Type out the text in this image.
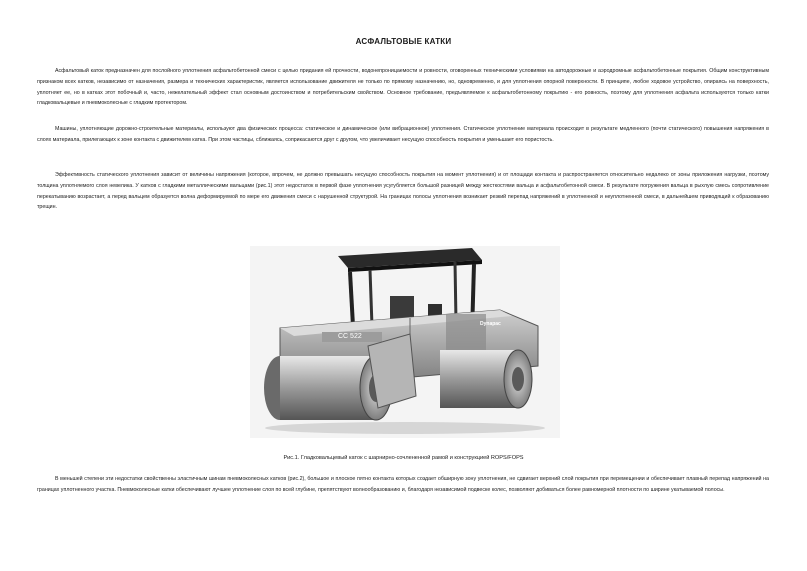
АСФАЛЬТОВЫЕ КАТКИ

Асфальтовый каток предназначен для послойного уплотнения асфальтобетонной смеси с целью придания ей прочности, водонепроницаемости и ровности, оговоренных техническими условиями на автодорожные и аэродромные асфальтобетонные покрытия. Общим конструктивным признаком всех катков, независимо от назначения, размера и технических характеристик, является использование движителя не только по прямому назначению, но, одновременно, и для уплотнения опорной поверхности. В принципе, любое ходовое устройство, опираясь на поверхность, уплотняет ее, но в катках этот побочный и, часто, нежелательный эффект стал основным достоинством и потребительским свойством. Основное требование, предъявляемое к асфальтобетонному покрытию - его ровность, поэтому для уплотнения асфальта используются только катки гладковальцевые и пневмоколесные с гладким протектором.

Машины, уплотняющие дорожно-строительные материалы, используют два физических процесса: статическое и динамическое (или вибрационное) уплотнения. Статическое уплотнение материала происходит в результате медленного (почти статического) повышения напряжения в слоях материала, прилегающих к зоне контакта с движителем катка. При этом частицы, сближаясь, соприкасаются друг с другом, что увеличивает несущую способность покрытия и уменьшает его пористость.

Эффективность статического уплотнения зависит от величины напряжения (которое, впрочем, не должно превышать несущую способность покрытия на момент уплотнения) и от площади контакта и распространяется относительно недалеко от зоны приложения нагрузки, поэтому толщина уплотняемого слоя невелика. У катков с гладкими металлическими вальцами (рис.1) этот недостаток в первой фазе уплотнения усугубляется большой разницей между жесткостями вальца и асфальтобетонной смеси. В результате погружения вальца в рыхлую смесь сопротивление перекатыванию возрастает, а перед вальцем образуется волна деформируемой по мере его движения смеси с нарушенной структурой. На границах полосы уплотнения возникает резкий перепад напряжений в уплотненной и неуплотненной смеси, в дальнейшем приводящий к образованию трещин.

CC 522
Dynapac
Рис.1. Гладковальцевый каток с шарнирно-сочлененной рамой и конструкцией ROPS/FOPS

В меньшей степени эти недостатки свойственны эластичным шинам пневмоколесных катков (рис.2), большое и плоское пятно контакта которых создает обширную зону уплотнения, не сдвигает верхний слой покрытия при перемещении и обеспечивает плавный перепад напряжений на границах уплотненного участка. Пневмоколесные катки обеспечивают лучшее уплотнение слоя по всей глубине, препятствуют волнообразованию и, благодаря независимой подвеске колес, позволяют добиваться более равномерной плотности по ширине укатываемой полосы.
